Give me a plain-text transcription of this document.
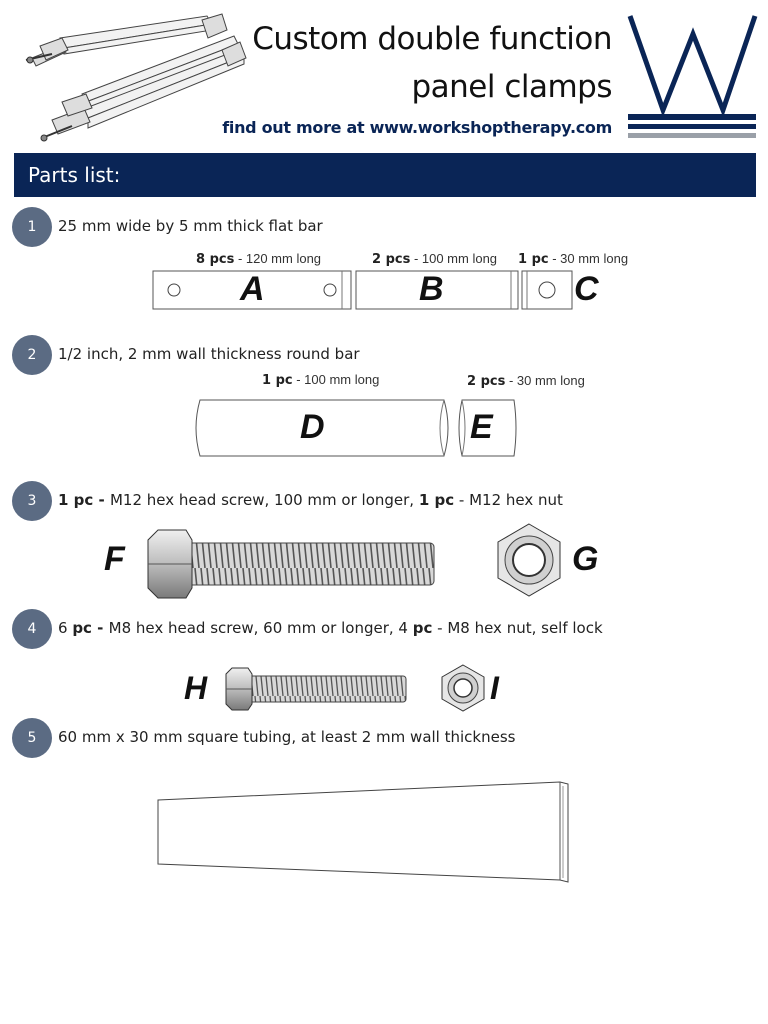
Custom double function
panel clamps
find out more at www.workshoptherapy.com
Parts list:
1	25 mm wide by 5 mm thick flat bar
8 pcs - 120 mm long	2 pcs - 100 mm long 1 pc - 30 mm long
A	B	C
2	1/2 inch, 2 mm wall thickness round bar
1 pc - 100 mm long	2 pcs - 30 mm long
D	E
3	1 pc - M12 hex head screw, 100 mm or longer, 1 pc - M12 hex nut
F	G
4	6 pc - M8 hex head screw, 60 mm or longer, 4 pc - M8 hex nut, self lock
H	I
5	60 mm x 30 mm square tubing, at least 2 mm wall thickness
